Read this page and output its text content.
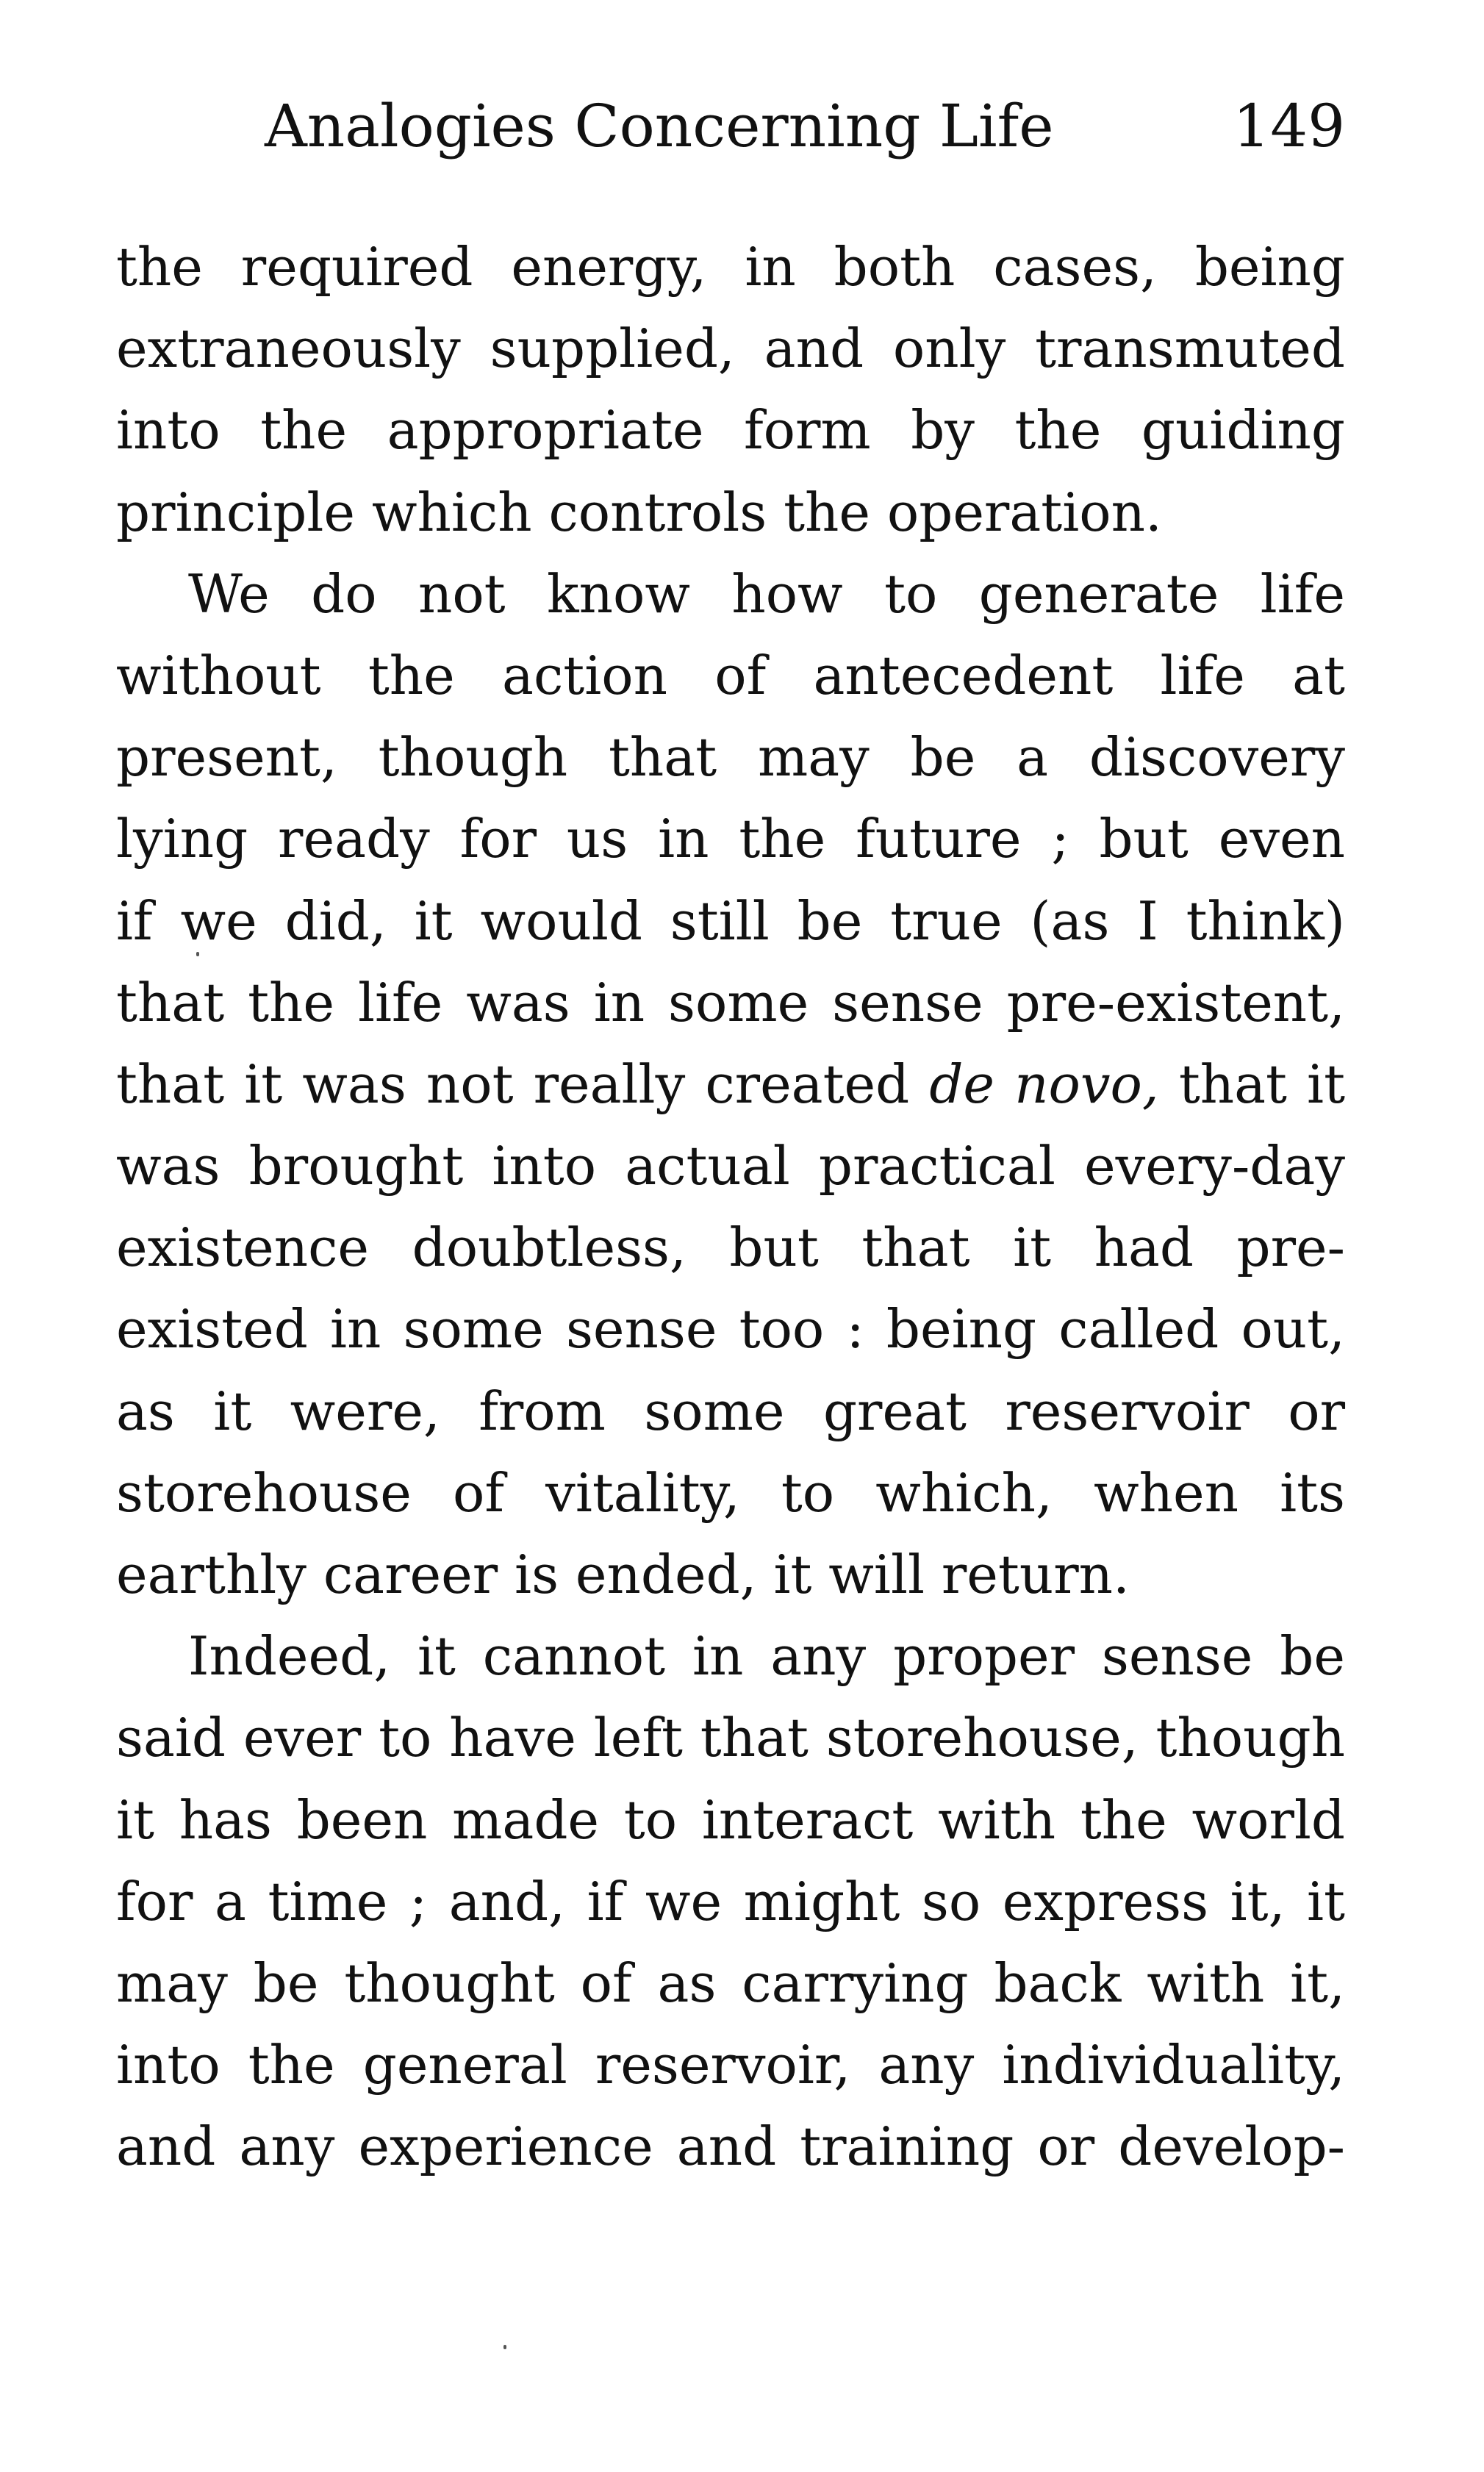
Analogies Concerning Life	149
the required energy, in both cases, being
extraneously supplied, and only transmuted
into the appropriate form by the guiding
principle which controls the operation.
We do not know how to generate life
without the action of antecedent life at
present, though that may be a discovery
lying ready for us in the future ; but even
if we did, it would still be true (as I think)
that the life was in some sense pre-existent,
that it was not really created de novo, that it
was brought into actual practical every-day
existence doubtless, but that it had pre-
existed in some sense too : being called out,
as it were, from some great reservoir or
storehouse of vitality, to which, when its
earthly career is ended, it will return.
Indeed, it cannot in any proper sense be
said ever to have left that storehouse, though
it has been made to interact with the world
for a time ; and, if we might so express it, it
may be thought of as carrying back with it,
into the general reservoir, any individuality,
and any experience and training or develop-
